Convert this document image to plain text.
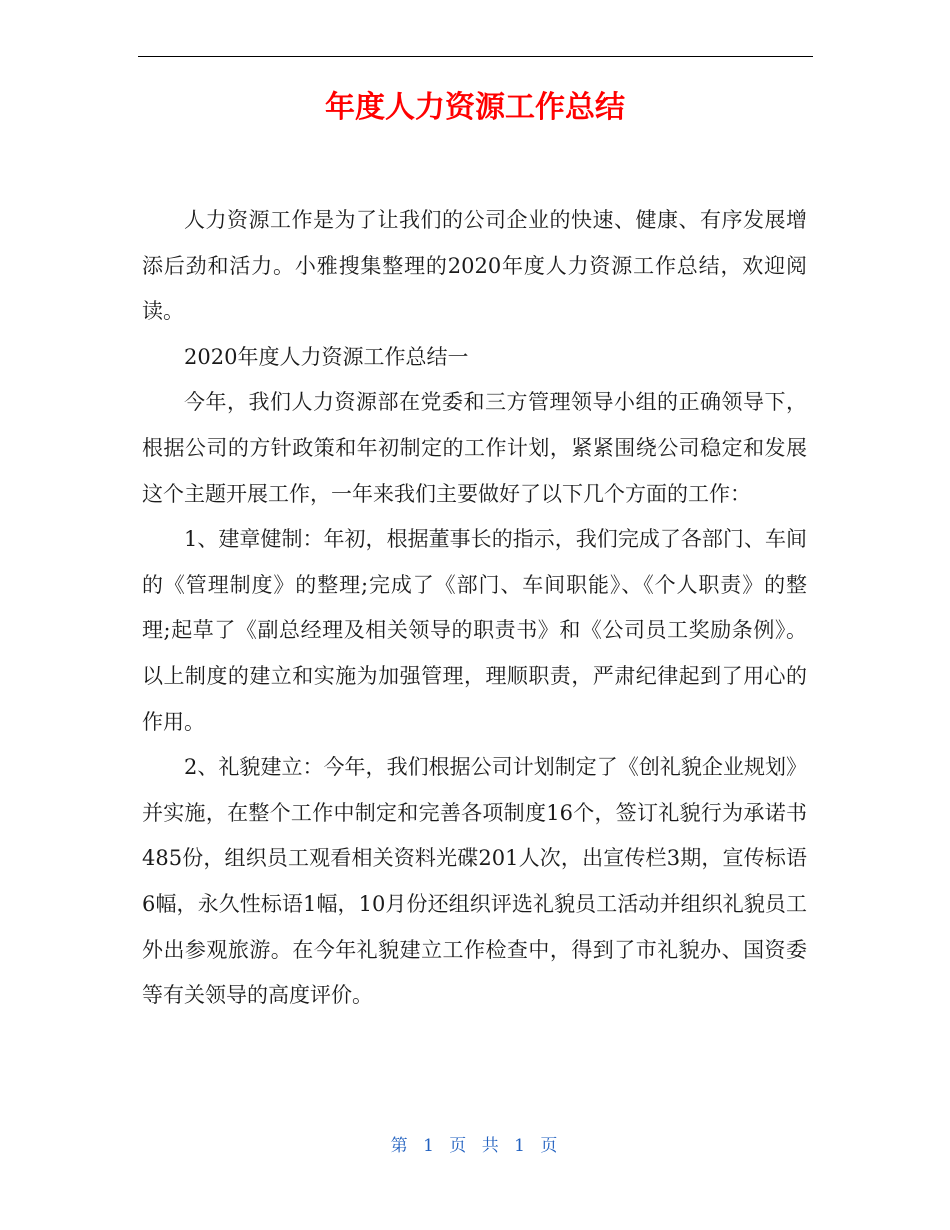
年度人力资源工作总结

人力资源工作是为了让我们的公司企业的快速、健康、有序发展增添后劲和活力。小雅搜集整理的2020年度人力资源工作总结，欢迎阅读。

2020年度人力资源工作总结一

今年，我们人力资源部在党委和三方管理领导小组的正确领导下，根据公司的方针政策和年初制定的工作计划，紧紧围绕公司稳定和发展这个主题开展工作，一年来我们主要做好了以下几个方面的工作：

1、建章健制：年初，根据董事长的指示，我们完成了各部门、车间的《管理制度》的整理;完成了《部门、车间职能》、《个人职责》的整理;起草了《副总经理及相关领导的职责书》和《公司员工奖励条例》。以上制度的建立和实施为加强管理，理顺职责，严肃纪律起到了用心的作用。

2、礼貌建立：今年，我们根据公司计划制定了《创礼貌企业规划》并实施，在整个工作中制定和完善各项制度16个，签订礼貌行为承诺书485份，组织员工观看相关资料光碟201人次，出宣传栏3期，宣传标语6幅，永久性标语1幅，10月份还组织评选礼貌员工活动并组织礼貌员工外出参观旅游。在今年礼貌建立工作检查中，得到了市礼貌办、国资委等有关领导的高度评价。

第 1 页 共 1 页
